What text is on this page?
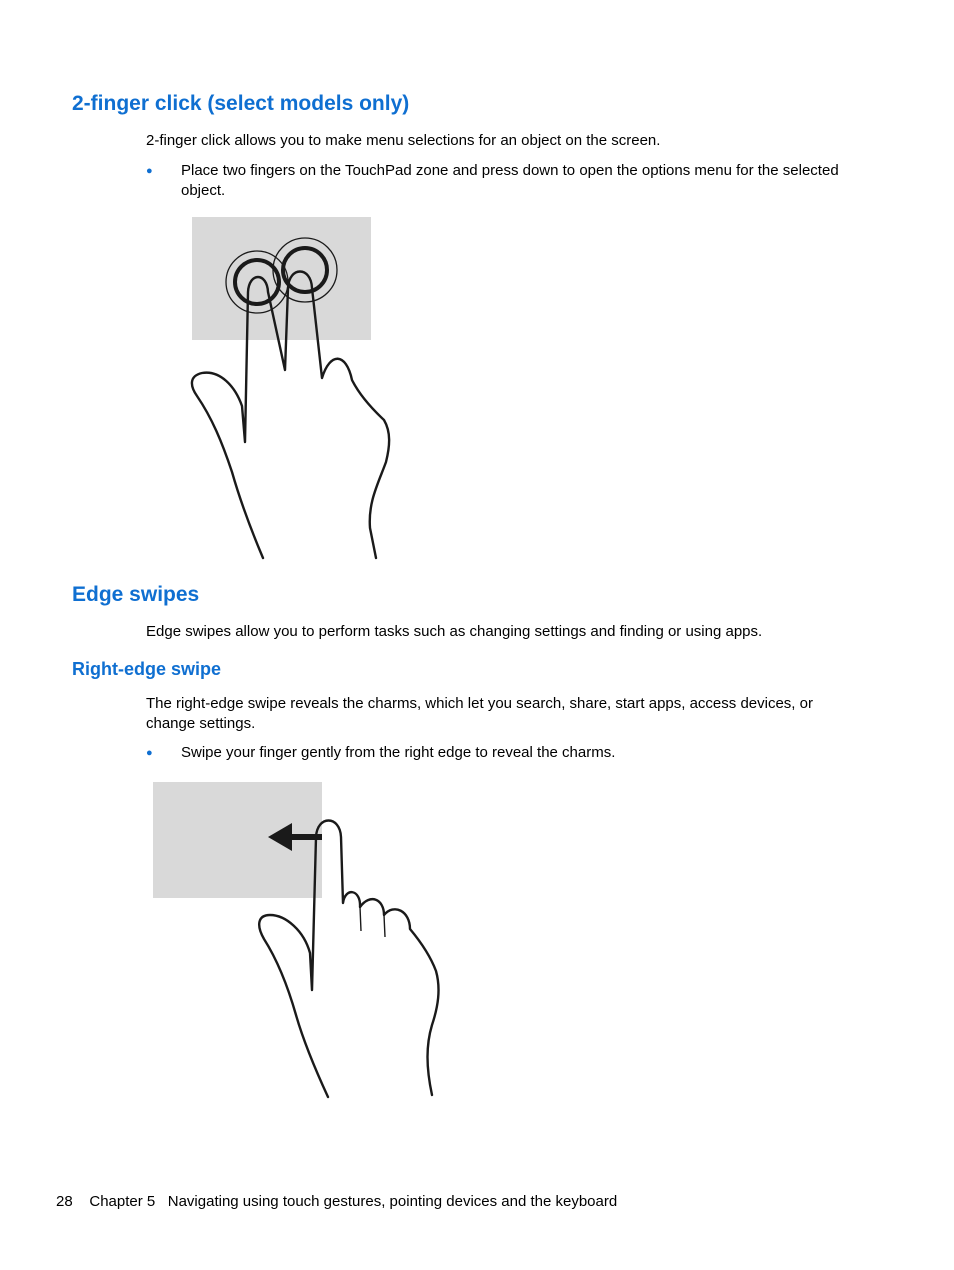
2-finger click (select models only)

2-finger click allows you to make menu selections for an object on the screen.

● Place two fingers on the TouchPad zone and press down to open the options menu for the selected object.

Edge swipes

Edge swipes allow you to perform tasks such as changing settings and finding or using apps.

Right-edge swipe

The right-edge swipe reveals the charms, which let you search, share, start apps, access devices, or change settings.

● Swipe your finger gently from the right edge to reveal the charms.

28 Chapter 5 Navigating using touch gestures, pointing devices and the keyboard
